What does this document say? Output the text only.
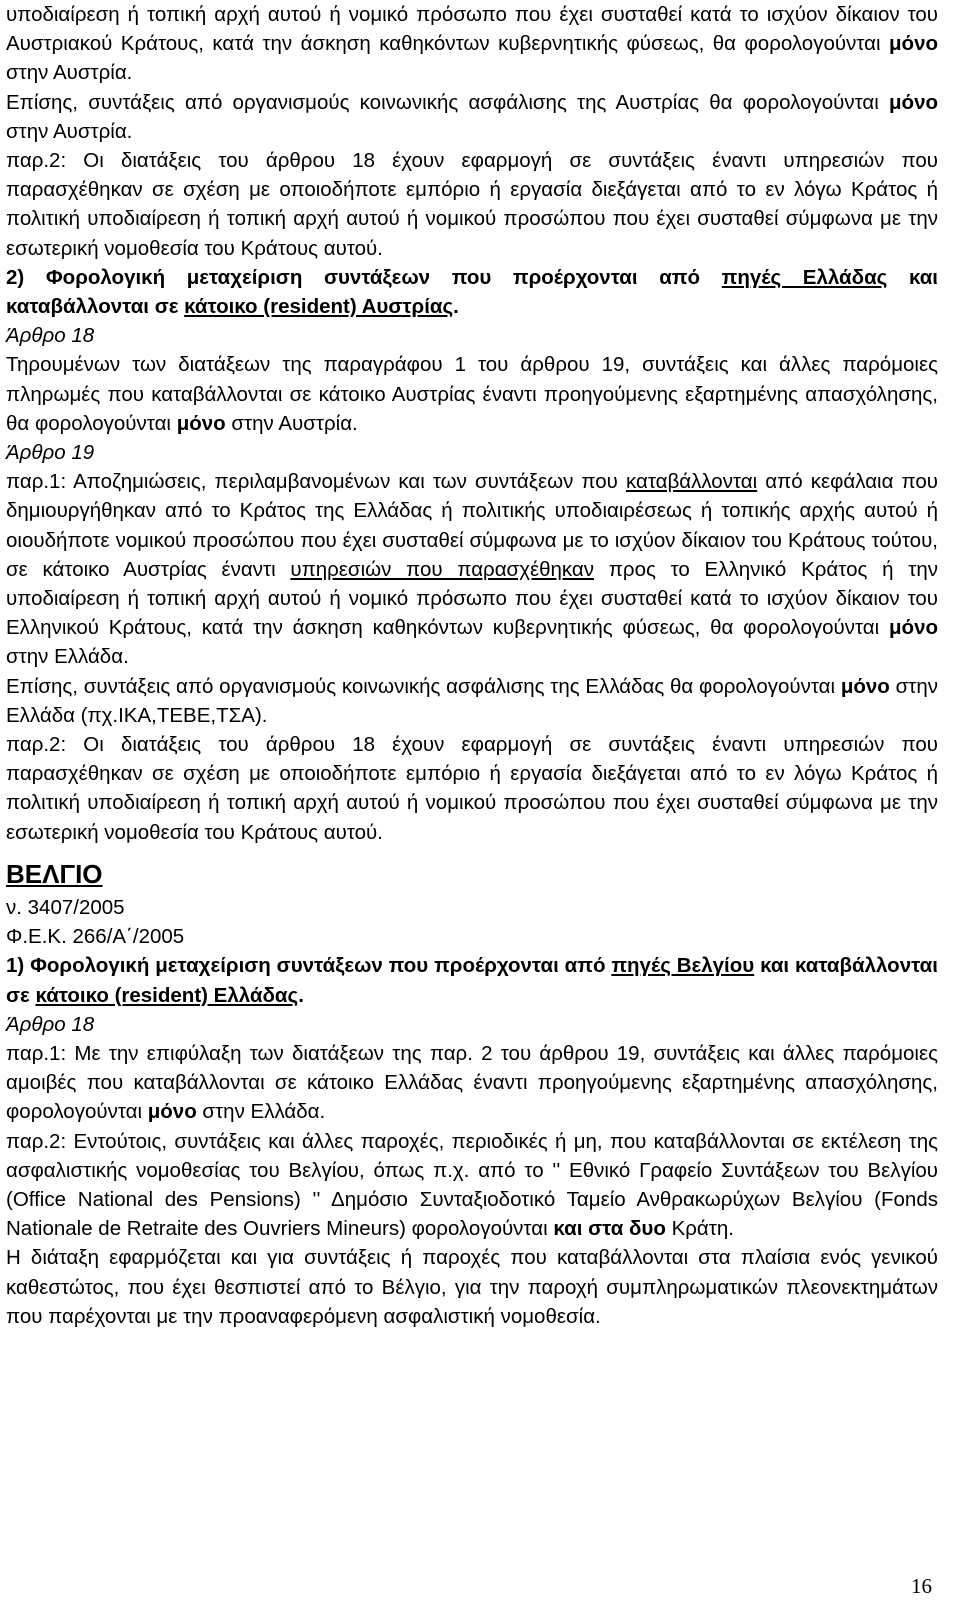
υποδιαίρεση ή τοπική αρχή αυτού ή νομικό πρόσωπο που έχει συσταθεί κατά το ισχύον δίκαιον του Αυστριακού Κράτους, κατά την άσκηση καθηκόντων κυβερνητικής φύσεως, θα φορολογούνται μόνο στην Αυστρία.

Επίσης, συντάξεις από οργανισμούς κοινωνικής ασφάλισης της Αυστρίας θα φορολογούνται μόνο στην Αυστρία.

παρ.2: Οι διατάξεις του άρθρου 18 έχουν εφαρμογή σε συντάξεις έναντι υπηρεσιών που παρασχέθηκαν σε σχέση με οποιοδήποτε εμπόριο ή εργασία διεξάγεται από το εν λόγω Κράτος ή πολιτική υποδιαίρεση ή τοπική αρχή αυτού ή νομικού προσώπου που έχει συσταθεί σύμφωνα με την εσωτερική νομοθεσία του Κράτους αυτού.

2) Φορολογική μεταχείριση συντάξεων που προέρχονται από πηγές Ελλάδας και καταβάλλονται σε κάτοικο (resident) Αυστρίας.

Άρθρο 18

Τηρουμένων των διατάξεων της παραγράφου 1 του άρθρου 19, συντάξεις και άλλες παρόμοιες πληρωμές που καταβάλλονται σε κάτοικο Αυστρίας έναντι προηγούμενης εξαρτημένης απασχόλησης, θα φορολογούνται μόνο στην Αυστρία.

Άρθρο 19

παρ.1: Αποζημιώσεις, περιλαμβανομένων και των συντάξεων που καταβάλλονται από κεφάλαια που δημιουργήθηκαν από το Κράτος της Ελλάδας ή πολιτικής υποδιαιρέσεως ή τοπικής αρχής αυτού ή οιουδήποτε νομικού προσώπου που έχει συσταθεί σύμφωνα με το ισχύον δίκαιον του Κράτους τούτου, σε κάτοικο Αυστρίας έναντι υπηρεσιών που παρασχέθηκαν προς το Ελληνικό Κράτος ή την υποδιαίρεση ή τοπική αρχή αυτού ή νομικό πρόσωπο που έχει συσταθεί κατά το ισχύον δίκαιον του Ελληνικού Κράτους, κατά την άσκηση καθηκόντων κυβερνητικής φύσεως, θα φορολογούνται μόνο στην Ελλάδα.

Επίσης, συντάξεις από οργανισμούς κοινωνικής ασφάλισης της Ελλάδας θα φορολογούνται μόνο στην Ελλάδα (πχ.ΙΚΑ,ΤΕΒΕ,ΤΣΑ).

παρ.2: Οι διατάξεις του άρθρου 18 έχουν εφαρμογή σε συντάξεις έναντι υπηρεσιών που παρασχέθηκαν σε σχέση με οποιοδήποτε εμπόριο ή εργασία διεξάγεται από το εν λόγω Κράτος ή πολιτική υποδιαίρεση ή τοπική αρχή αυτού ή νομικού προσώπου που έχει συσταθεί σύμφωνα με την εσωτερική νομοθεσία του Κράτους αυτού.

ΒΕΛΓΙΟ

ν. 3407/2005

Φ.Ε.Κ. 266/Α΄/2005

1) Φορολογική μεταχείριση συντάξεων που προέρχονται από πηγές Βελγίου και καταβάλλονται σε κάτοικο (resident) Ελλάδας.

Άρθρο 18

παρ.1: Με την επιφύλαξη των διατάξεων της παρ. 2 του άρθρου 19, συντάξεις και άλλες παρόμοιες αμοιβές που καταβάλλονται σε κάτοικο Ελλάδας έναντι προηγούμενης εξαρτημένης απασχόλησης, φορολογούνται μόνο στην Ελλάδα.

παρ.2: Εντούτοις, συντάξεις και άλλες παροχές, περιοδικές ή μη, που καταβάλλονται σε εκτέλεση της ασφαλιστικής νομοθεσίας του Βελγίου, όπως π.χ. από το '' Εθνικό Γραφείο Συντάξεων του Βελγίου (Office National des Pensions) '' Δημόσιο Συνταξιοδοτικό Ταμείο Ανθρακωρύχων Βελγίου (Fonds Nationale de Retraite des Ouvriers Mineurs) φορολογούνται και στα δυο Κράτη.

Η διάταξη εφαρμόζεται και για συντάξεις ή παροχές που καταβάλλονται στα πλαίσια ενός γενικού καθεστώτος, που έχει θεσπιστεί από το Βέλγιο, για την παροχή συμπληρωματικών πλεονεκτημάτων που παρέχονται με την προαναφερόμενη ασφαλιστική νομοθεσία.

16
